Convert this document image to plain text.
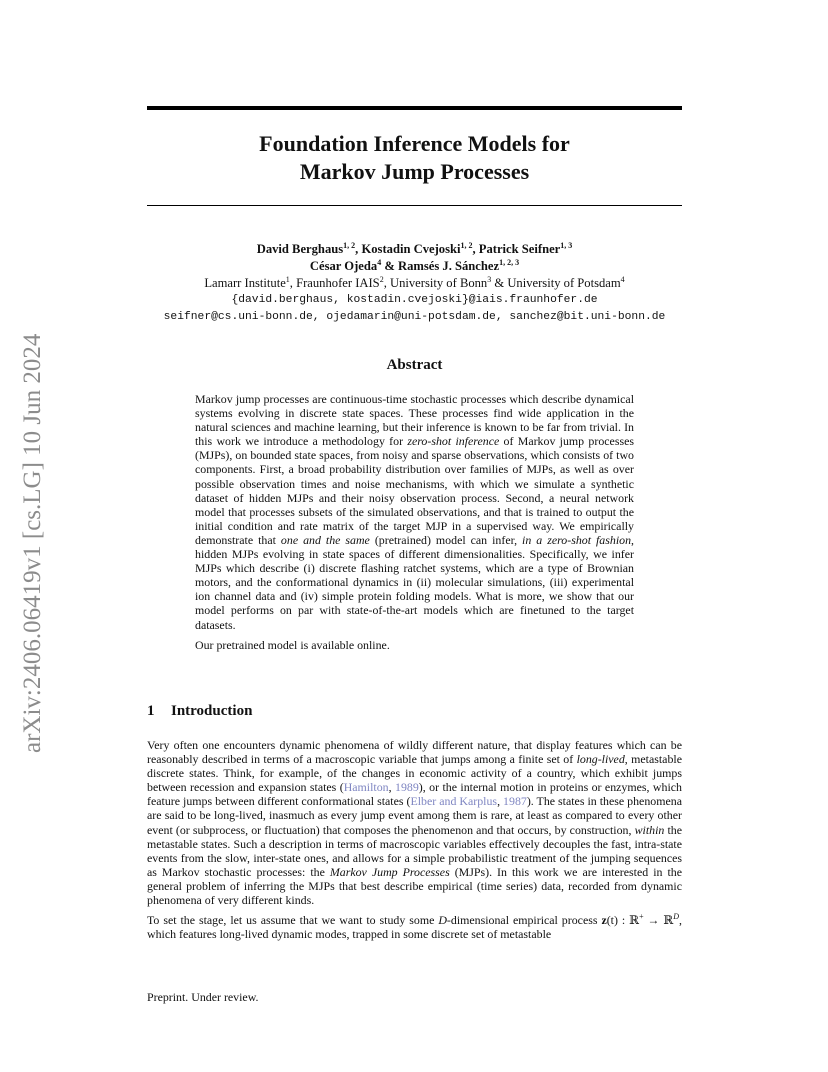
arXiv:2406.06419v1 [cs.LG] 10 Jun 2024
Foundation Inference Models for
Markov Jump Processes
David Berghaus$^{1, 2}$, Kostadin Cvejoski$^{1, 2}$, Patrick Seifner$^{1, 3}$
César Ojeda$^4$ & Ramsés J. Sánchez$^{1, 2, 3}$
Lamarr Institute$^1$, Fraunhofer IAIS$^2$, University of Bonn$^3$ & University of Potsdam$^4$
{david.berghaus, kostadin.cvejoski}@iais.fraunhofer.de
seifner@cs.uni-bonn.de, ojedamarin@uni-potsdam.de, sanchez@bit.uni-bonn.de
Abstract

Markov jump processes are continuous-time stochastic processes which describe dynamical systems evolving in discrete state spaces. These processes find wide application in the natural sciences and machine learning, but their inference is known to be far from trivial. In this work we introduce a methodology for zero-shot inference of Markov jump processes (MJPs), on bounded state spaces, from noisy and sparse observations, which consists of two components. First, a broad probability distribution over families of MJPs, as well as over possible observation times and noise mechanisms, with which we simulate a synthetic dataset of hidden MJPs and their noisy observation process. Second, a neural network model that processes subsets of the simulated observations, and that is trained to output the initial condition and rate matrix of the target MJP in a supervised way. We empirically demonstrate that one and the same (pretrained) model can infer, in a zero-shot fashion, hidden MJPs evolving in state spaces of different dimensionalities. Specifically, we infer MJPs which describe (i) discrete flashing ratchet systems, which are a type of Brownian motors, and the conformational dynamics in (ii) molecular simulations, (iii) experimental ion channel data and (iv) simple protein folding models. What is more, we show that our model performs on par with state-of-the-art models which are finetuned to the target datasets.

Our pretrained model is available online.

1 Introduction

Very often one encounters dynamic phenomena of wildly different nature, that display features which can be reasonably described in terms of a macroscopic variable that jumps among a finite set of long-lived, metastable discrete states. Think, for example, of the changes in economic activity of a country, which exhibit jumps between recession and expansion states (Hamilton, 1989), or the internal motion in proteins or enzymes, which feature jumps between different conformational states (Elber and Karplus, 1987). The states in these phenomena are said to be long-lived, inasmuch as every jump event among them is rare, at least as compared to every other event (or subprocess, or fluctuation) that composes the phenomenon and that occurs, by construction, within the metastable states. Such a description in terms of macroscopic variables effectively decouples the fast, intra-state events from the slow, inter-state ones, and allows for a simple probabilistic treatment of the jumping sequences as Markov stochastic processes: the Markov Jump Processes (MJPs). In this work we are interested in the general problem of inferring the MJPs that best describe empirical (time series) data, recorded from dynamic phenomena of very different kinds.

To set the stage, let us assume that we want to study some D-dimensional empirical process z(t) : ℝ+ → ℝ$^D$, which features long-lived dynamic modes, trapped in some discrete set of metastable

Preprint. Under review.
